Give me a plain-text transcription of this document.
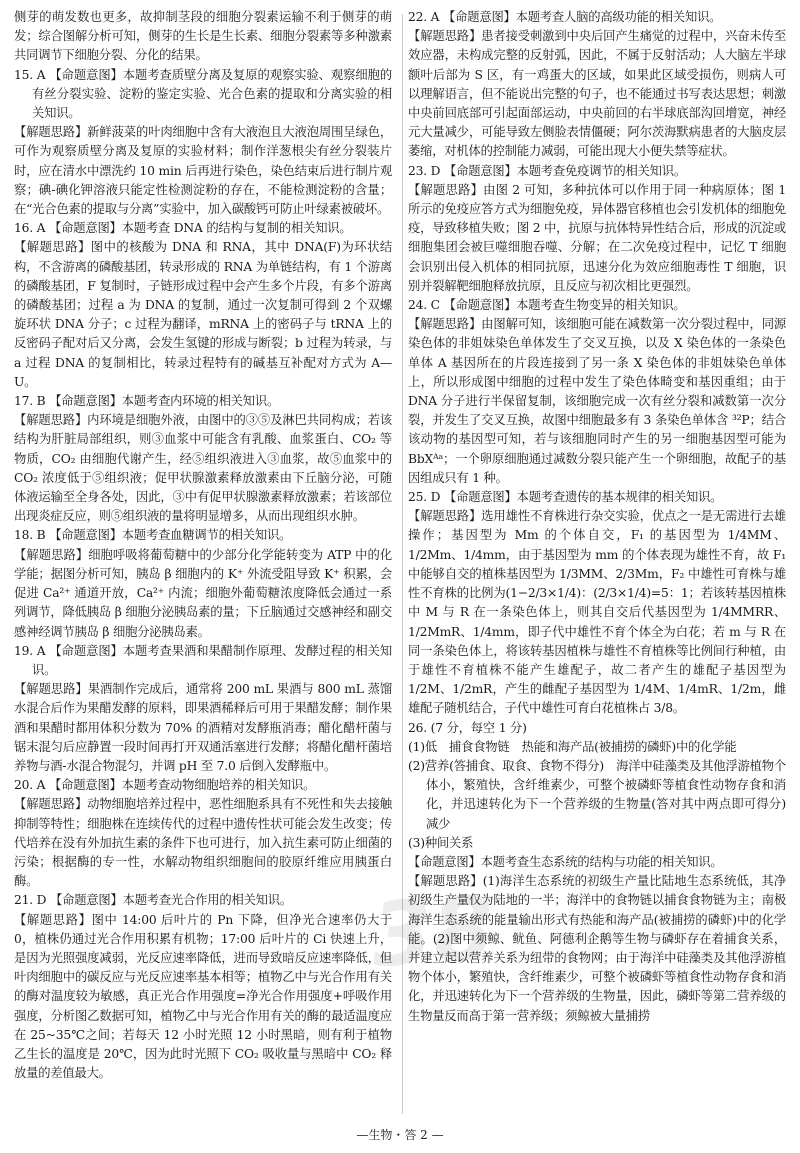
侧芽的萌发数也更多，故抑制茎段的细胞分裂素运输不利于侧芽的萌发；综合图解分析可知，侧芽的生长是生长素、细胞分裂素等多种激素共同调节下细胞分裂、分化的结果。

15. A 【命题意图】本题考查质壁分离及复原的观察实验、观察细胞的有丝分裂实验、淀粉的鉴定实验、光合色素的提取和分离实验的相关知识。

【解题思路】新鲜菠菜的叶肉细胞中含有大液泡且大液泡周围呈绿色，可作为观察质壁分离及复原的实验材料；制作洋葱根尖有丝分裂装片时，应在清水中漂洗约 10 min 后再进行染色，染色结束后进行制片观察；碘-碘化钾溶液只能定性检测淀粉的存在，不能检测淀粉的含量；在“光合色素的提取与分离”实验中，加入碳酸钙可防止叶绿素被破坏。

16. A 【命题意图】本题考查 DNA 的结构与复制的相关知识。

【解题思路】图中的核酸为 DNA 和 RNA，其中 DNA(F)为环状结构，不含游离的磷酸基团，转录形成的 RNA 为单链结构，有 1 个游离的磷酸基团，F 复制时，子链形成过程中会产生多个片段，有多个游离的磷酸基团；过程 a 为 DNA 的复制，通过一次复制可得到 2 个双螺旋环状 DNA 分子；c 过程为翻译，mRNA 上的密码子与 tRNA 上的反密码子配对后又分离，会发生氢键的形成与断裂；b 过程为转录，与 a 过程 DNA 的复制相比，转录过程特有的碱基互补配对方式为 A—U。

17. B 【命题意图】本题考查内环境的相关知识。

【解题思路】内环境是细胞外液，由图中的③⑤及淋巴共同构成；若该结构为肝脏局部组织，则③血浆中可能含有乳酸、血浆蛋白、CO₂ 等物质，CO₂ 由细胞代谢产生，经⑤组织液进入③血浆，故⑤血浆中的 CO₂ 浓度低于⑤组织液；促甲状腺激素释放激素由下丘脑分泌，可随体液运输至全身各处，因此，③中有促甲状腺激素释放激素；若该部位出现炎症反应，则⑤组织液的量将明显增多，从而出现组织水肿。

18. B 【命题意图】本题考查血糖调节的相关知识。

【解题思路】细胞呼吸将葡萄糖中的少部分化学能转变为 ATP 中的化学能；据图分析可知，胰岛 β 细胞内的 K⁺ 外流受阻导致 K⁺ 积累，会促进 Ca²⁺ 通道开放，Ca²⁺ 内流；细胞外葡萄糖浓度降低会通过一系列调节，降低胰岛 β 细胞分泌胰岛素的量；下丘脑通过交感神经和副交感神经调节胰岛 β 细胞分泌胰岛素。

19. A 【命题意图】本题考查果酒和果醋制作原理、发酵过程的相关知识。

【解题思路】果酒制作完成后，通常将 200 mL 果酒与 800 mL 蒸馏水混合后作为果醋发酵的原料，即果酒稀释后可用于果醋发酵；制作果酒和果醋时都用体积分数为 70% 的酒精对发酵瓶消毒；醋化醋杆菌与锯末混匀后应静置一段时间再打开双通活塞进行发酵；将醋化醋杆菌培养物与酒-水混合物混匀，并调 pH 至 7.0 后倒入发酵瓶中。

20. A 【命题意图】本题考查动物细胞培养的相关知识。

【解题思路】动物细胞培养过程中，恶性细胞系具有不死性和失去接触抑制等特性；细胞株在连续传代的过程中遗传性状可能会发生改变；传代培养在没有外加抗生素的条件下也可进行，加入抗生素可防止细菌的污染；根据酶的专一性，水解动物组织细胞间的胶原纤维应用胰蛋白酶。

21. D 【命题意图】本题考查光合作用的相关知识。

【解题思路】图中 14:00 后叶片的 Pn 下降，但净光合速率仍大于 0，植株仍通过光合作用积累有机物；17:00 后叶片的 Ci 快速上升，是因为光照强度减弱，光反应速率降低，进而导致暗反应速率降低，但叶肉细胞中的碳反应与光反应速率基本相等；植物乙中与光合作用有关的酶对温度较为敏感，真正光合作用强度=净光合作用强度+呼吸作用强度，分析图乙数据可知，植物乙中与光合作用有关的酶的最适温度应在 25~35℃之间；若每天 12 小时光照 12 小时黑暗，则有利于植物乙生长的温度是 20℃，因为此时光照下 CO₂ 吸收量与黑暗中 CO₂ 释放量的差值最大。

22. A 【命题意图】本题考查人脑的高级功能的相关知识。

【解题思路】患者接受刺激到中央后回产生痛觉的过程中，兴奋未传至效应器，未构成完整的反射弧，因此，不属于反射活动；人大脑左半球额叶后部为 S 区，有一鸡蛋大的区域，如果此区域受损伤，则病人可以理解语言，但不能说出完整的句子，也不能通过书写表达思想；刺激中央前回底部可引起面部运动，中央前回的右半球底部沟回增宽，神经元大量减少，可能导致左侧脸表情僵硬；阿尔茨海默病患者的大脑皮层萎缩，对机体的控制能力减弱，可能出现大小便失禁等症状。

23. D 【命题意图】本题考查免疫调节的相关知识。

【解题思路】由图 2 可知，多种抗体可以作用于同一种病原体；图 1 所示的免疫应答方式为细胞免疫，异体器官移植也会引发机体的细胞免疫，导致移植失败；图 2 中，抗原与抗体特异性结合后，形成的沉淀或细胞集团会被巨噬细胞吞噬、分解；在二次免疫过程中，记忆 T 细胞会识别出侵入机体的相同抗原，迅速分化为效应细胞毒性 T 细胞，识别并裂解靶细胞释放抗原，且反应与初次相比更强烈。

24. C 【命题意图】本题考查生物变异的相关知识。

【解题思路】由图解可知，该细胞可能在减数第一次分裂过程中，同源染色体的非姐妹染色单体发生了交叉互换，以及 X 染色体的一条染色单体 A 基因所在的片段连接到了另一条 X 染色体的非姐妹染色单体上，所以形成图中细胞的过程中发生了染色体畸变和基因重组；由于 DNA 分子进行半保留复制，该细胞完成一次有丝分裂和减数第一次分裂，并发生了交叉互换，故图中细胞最多有 3 条染色单体含 ³²P；结合该动物的基因型可知，若与该细胞同时产生的另一细胞基因型可能为 BbXᴬᵃ；一个卵原细胞通过减数分裂只能产生一个卵细胞，故配子的基因组成只有 1 种。

25. D 【命题意图】本题考查遗传的基本规律的相关知识。

【解题思路】选用雄性不育株进行杂交实验，优点之一是无需进行去雄操作；基因型为 Mm 的个体自交，F₁ 的基因型为 1/4MM、1/2Mm、1/4mm，由于基因型为 mm 的个体表现为雄性不育，故 F₁ 中能够自交的植株基因型为 1/3MM、2/3Mm，F₂ 中雄性可育株与雄性不育株的比例为(1−2/3×1/4)：(2/3×1/4)=5：1；若该转基因植株中 M 与 R 在一条染色体上，则其自交后代基因型为 1/4MMRR、1/2MmR、1/4mm，即子代中雄性不育个体全为白花；若 m 与 R 在同一条染色体上，将该转基因植株与雄性不育植株等比例间行种植，由于雄性不育植株不能产生雄配子，故二者产生的雄配子基因型为 1/2M、1/2mR，产生的雌配子基因型为 1/4M、1/4mR、1/2m，雌雄配子随机结合，子代中雄性可育白花植株占 3/8。

26. (7 分，每空 1 分)

(1)低　捕食食物链　热能和海产品(被捕捞的磷虾)中的化学能

(2)营养(答捕食、取食、食物不得分)　海洋中硅藻类及其他浮游植物个体小，繁殖快，含纤维素少，可整个被磷虾等植食性动物存食和消化，并迅速转化为下一个营养级的生物量(答对其中两点即可得分)　减少

(3)种间关系

【命题意图】本题考查生态系统的结构与功能的相关知识。

【解题思路】(1)海洋生态系统的初级生产量比陆地生态系统低，其净初级生产量仅为陆地的一半；海洋中的食物链以捕食食物链为主；南极海洋生态系统的能量输出形式有热能和海产品(被捕捞的磷虾)中的化学能。(2)图中须鲸、鱿鱼、阿德利企鹅等生物与磷虾存在着捕食关系，并建立起以营养关系为纽带的食物网；由于海洋中硅藻类及其他浮游植物个体小，繁殖快，含纤维素少，可整个被磷虾等植食性动物存食和消化，并迅速转化为下一个营养级的生物量，因此，磷虾等第二营养级的生物量反而高于第一营养级；须鲸被大量捕捞

38
—生物・答 2 —
